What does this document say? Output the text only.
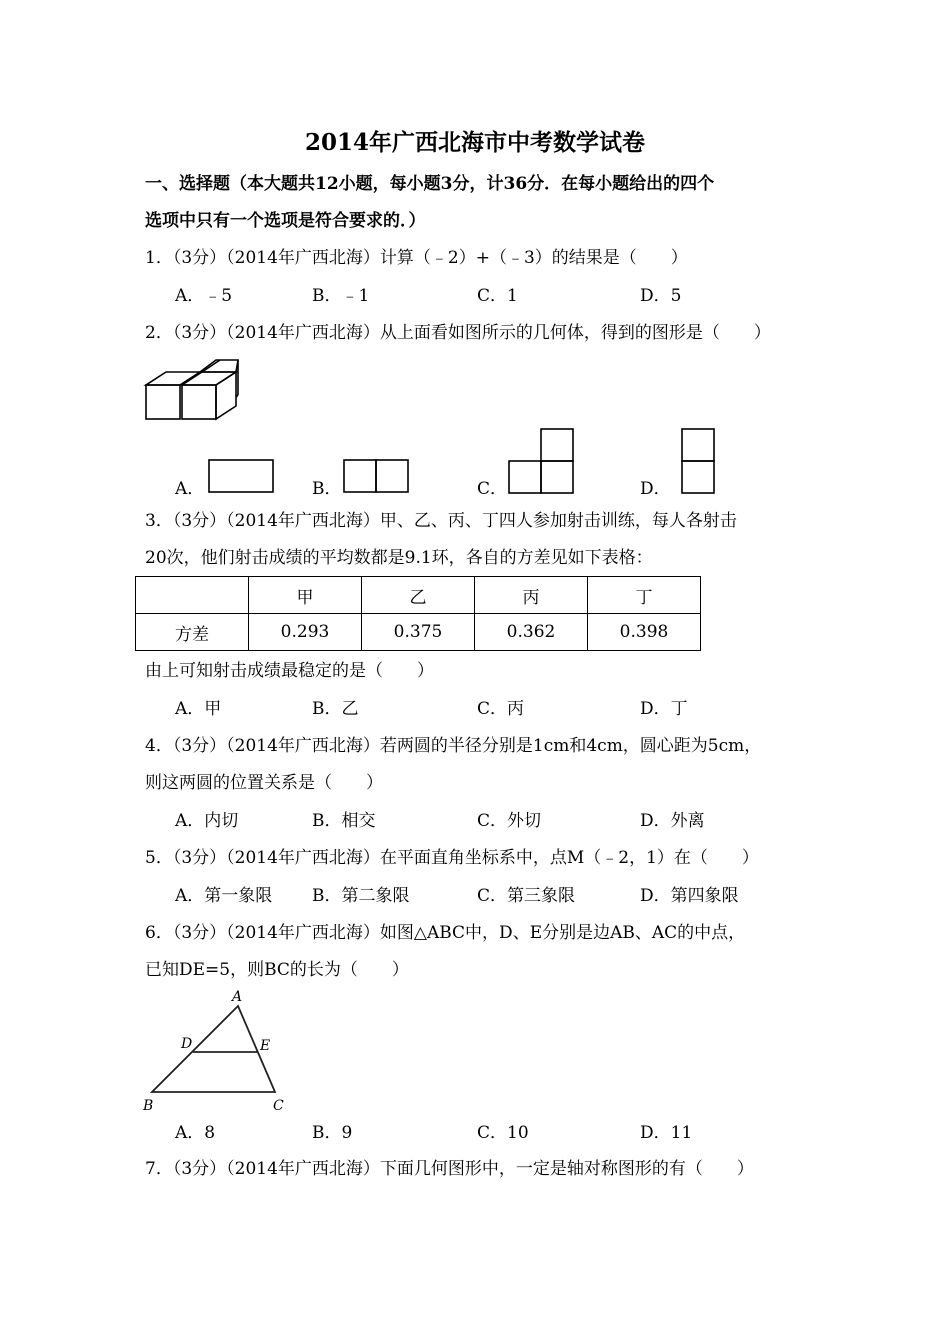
2014年广西北海市中考数学试卷
一、选择题（本大题共12小题，每小题3分，计36分．在每小题给出的四个
选项中只有一个选项是符合要求的．）
1．（3分）（2014年广西北海）计算（﹣2）+（﹣3）的结果是（　　）
A．﹣5	B．﹣1	C．1	D．5
2．（3分）（2014年广西北海）从上面看如图所示的几何体，得到的图形是（　　）
A．	B．	C．	D．
3．（3分）（2014年广西北海）甲、乙、丙、丁四人参加射击训练，每人各射击
20次，他们射击成绩的平均数都是9.1环，各自的方差见如下表格：
	甲	乙	丙	丁
方差	0.293	0.375	0.362	0.398
由上可知射击成绩最稳定的是（　　）
A．甲	B．乙	C．丙	D．丁
4．（3分）（2014年广西北海）若两圆的半径分别是1cm和4cm，圆心距为5cm，
则这两圆的位置关系是（　　）
A．内切	B．相交	C．外切	D．外离
5．（3分）（2014年广西北海）在平面直角坐标系中，点M（﹣2，1）在（　　）
A．第一象限 B．第二象限	C．第三象限	D．第四象限
6．（3分）（2014年广西北海）如图△ABC中，D、E分别是边AB、AC的中点，
已知DE=5，则BC的长为（　　）
A
D	E
B	C
A．8	B．9	C．10	D．11
7．（3分）（2014年广西北海）下面几何图形中，一定是轴对称图形的有（　　）
